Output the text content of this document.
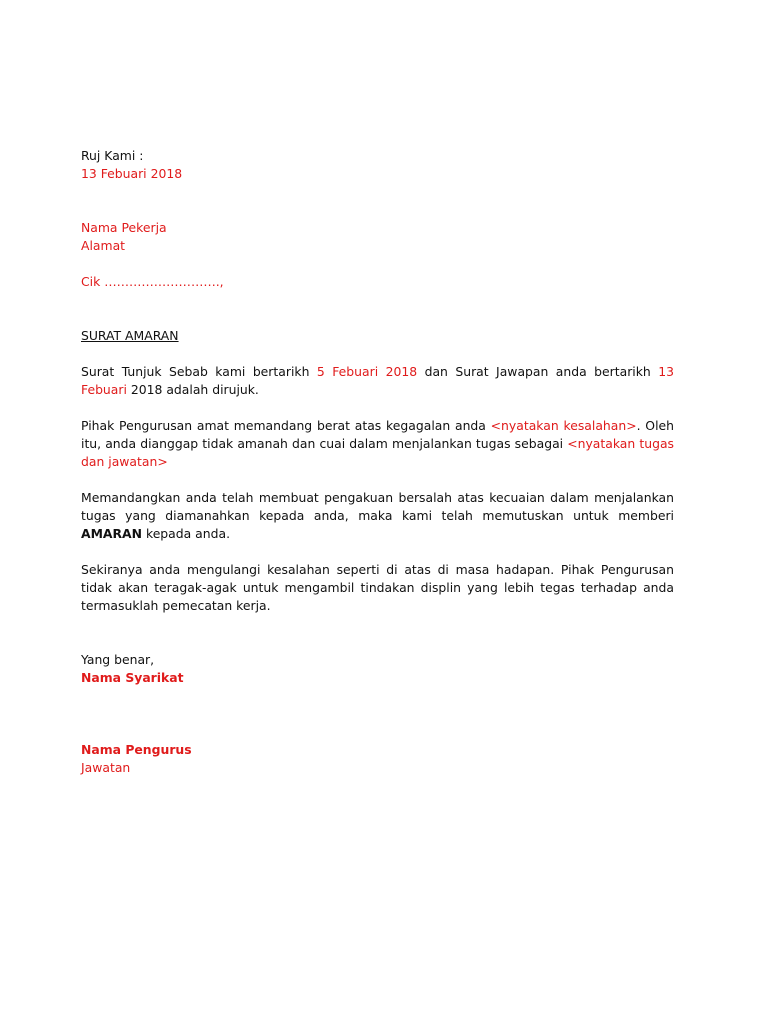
Ruj Kami :
13 Febuari 2018
Nama Pekerja
Alamat
Cik ……………………….,
SURAT AMARAN
Surat Tunjuk Sebab kami bertarikh 5 Febuari 2018 dan Surat Jawapan anda bertarikh 13 Febuari 2018 adalah dirujuk.
Pihak Pengurusan amat memandang berat atas kegagalan anda <nyatakan kesalahan>. Oleh itu, anda dianggap tidak amanah dan cuai dalam menjalankan tugas sebagai <nyatakan tugas dan jawatan>
Memandangkan anda telah membuat pengakuan bersalah atas kecuaian dalam menjalankan tugas yang diamanahkan kepada anda, maka kami telah memutuskan untuk memberi AMARAN kepada anda.
Sekiranya anda mengulangi kesalahan seperti di atas di masa hadapan. Pihak Pengurusan tidak akan teragak-agak untuk mengambil tindakan displin yang lebih tegas terhadap anda termasuklah pemecatan kerja.
Yang benar,
Nama Syarikat
Nama Pengurus
Jawatan
